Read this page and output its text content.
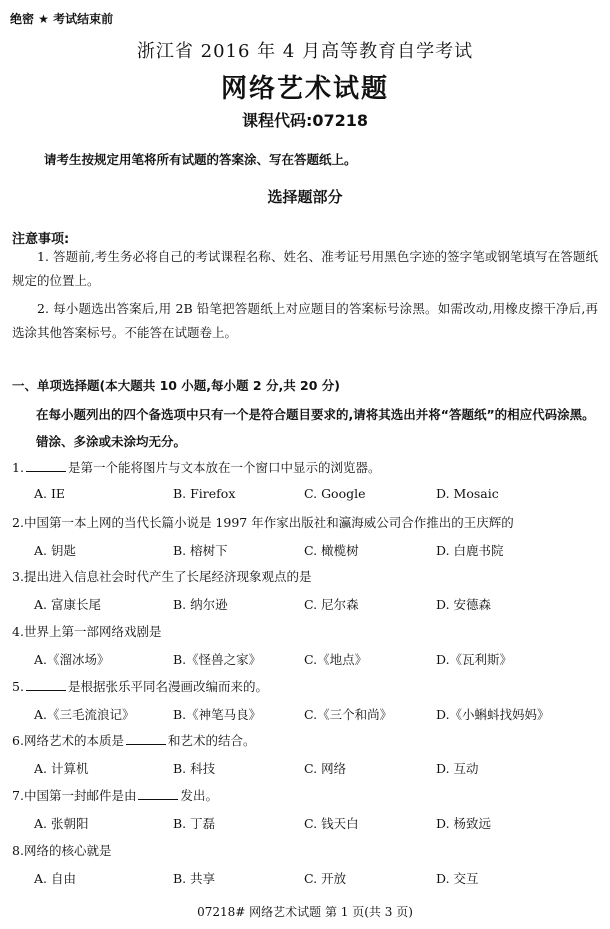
绝密 ★ 考试结束前
浙江省 2016 年 4 月高等教育自学考试
网络艺术试题
课程代码:07218
请考生按规定用笔将所有试题的答案涂、写在答题纸上。
选择题部分
注意事项:
1. 答题前,考生务必将自己的考试课程名称、姓名、准考证号用黑色字迹的签字笔或钢笔填写在答题纸规定的位置上。
2. 每小题选出答案后,用 2B 铅笔把答题纸上对应题目的答案标号涂黑。如需改动,用橡皮擦干净后,再选涂其他答案标号。不能答在试题卷上。
一、单项选择题(本大题共 10 小题,每小题 2 分,共 20 分)
在每小题列出的四个备选项中只有一个是符合题目要求的,请将其选出并将“答题纸”的相应代码涂黑。错涂、多涂或未涂均无分。
1.	是第一个能将图片与文本放在一个窗口中显示的浏览器。
A. IE	B. Firefox	C. Google	D. Mosaic
2.中国第一本上网的当代长篇小说是 1997 年作家出版社和瀛海威公司合作推出的王庆辉的
A. 钥匙	B. 榕树下	C. 橄榄树	D. 白鹿书院
3.提出进入信息社会时代产生了长尾经济现象观点的是
A. 富康长尾	B. 纳尔逊	C. 尼尔森	D. 安德森
4.世界上第一部网络戏剧是
A.《溜冰场》	B.《怪兽之家》	C.《地点》	D.《瓦利斯》
5.	是根据张乐平同名漫画改编而来的。
A.《三毛流浪记》	B.《神笔马良》	C.《三个和尚》	D.《小蝌蚪找妈妈》
6.网络艺术的本质是	和艺术的结合。
A. 计算机	B. 科技	C. 网络	D. 互动
7.中国第一封邮件是由	发出。
A. 张朝阳	B. 丁磊	C. 钱天白	D. 杨致远
8.网络的核心就是
A. 自由	B. 共享	C. 开放	D. 交互
07218# 网络艺术试题 第 1 页(共 3 页)
